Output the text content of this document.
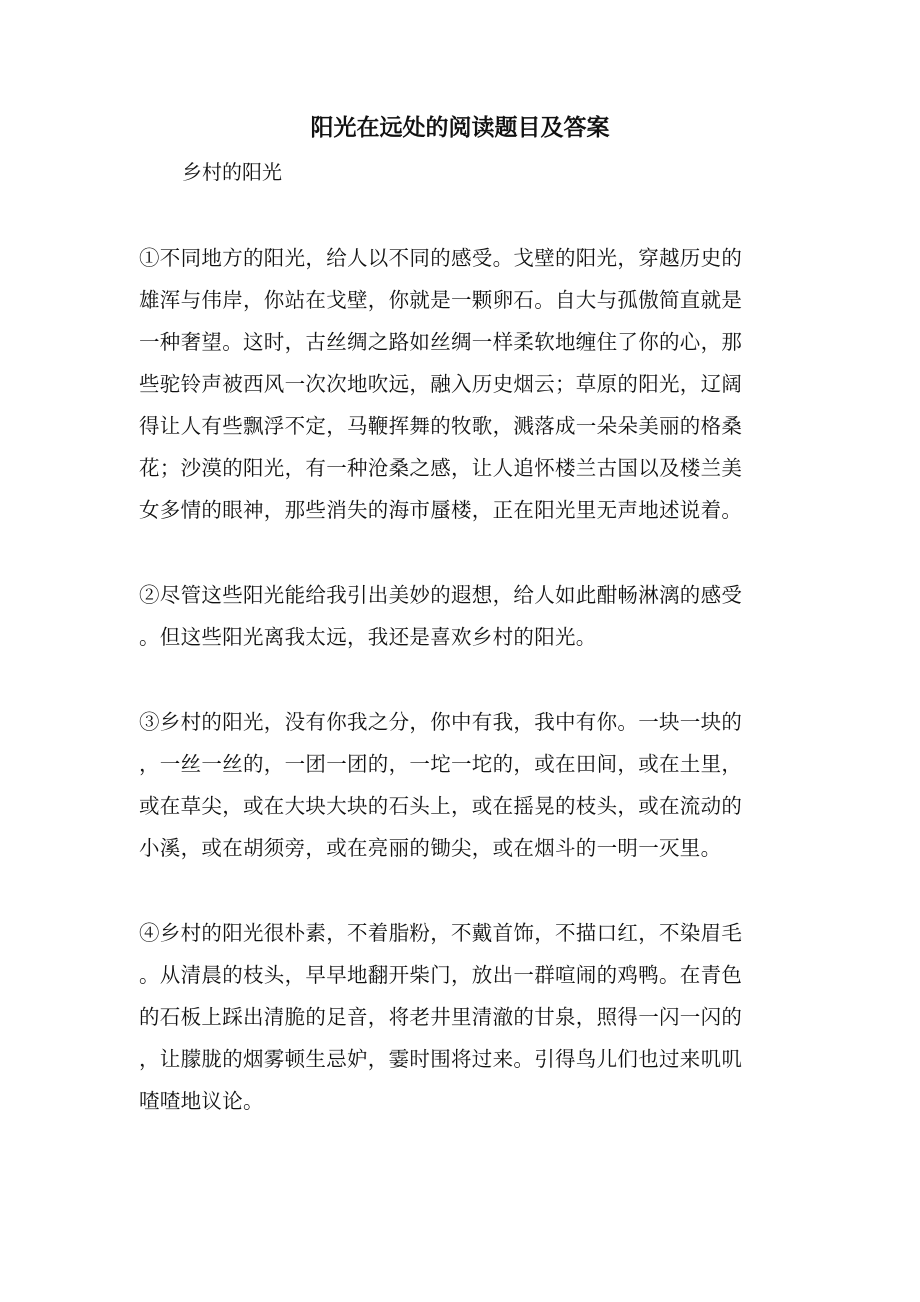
阳光在远处的阅读题目及答案
乡村的阳光
①不同地方的阳光，给人以不同的感受。戈壁的阳光，穿越历史的
雄浑与伟岸，你站在戈壁，你就是一颗卵石。自大与孤傲简直就是
一种奢望。这时，古丝绸之路如丝绸一样柔软地缠住了你的心，那
些驼铃声被西风一次次地吹远，融入历史烟云；草原的阳光，辽阔
得让人有些飘浮不定，马鞭挥舞的牧歌，溅落成一朵朵美丽的格桑
花；沙漠的阳光，有一种沧桑之感，让人追怀楼兰古国以及楼兰美
女多情的眼神，那些消失的海市蜃楼，正在阳光里无声地述说着。
②尽管这些阳光能给我引出美妙的遐想，给人如此酣畅淋漓的感受
。但这些阳光离我太远，我还是喜欢乡村的阳光。
③乡村的阳光，没有你我之分，你中有我，我中有你。一块一块的
，一丝一丝的，一团一团的，一坨一坨的，或在田间，或在土里，
或在草尖，或在大块大块的石头上，或在摇晃的枝头，或在流动的
小溪，或在胡须旁，或在亮丽的锄尖，或在烟斗的一明一灭里。
④乡村的阳光很朴素，不着脂粉，不戴首饰，不描口红，不染眉毛
。从清晨的枝头，早早地翻开柴门，放出一群喧闹的鸡鸭。在青色
的石板上踩出清脆的足音，将老井里清澈的甘泉，照得一闪一闪的
，让朦胧的烟雾顿生忌妒，霎时围将过来。引得鸟儿们也过来叽叽
喳喳地议论。
